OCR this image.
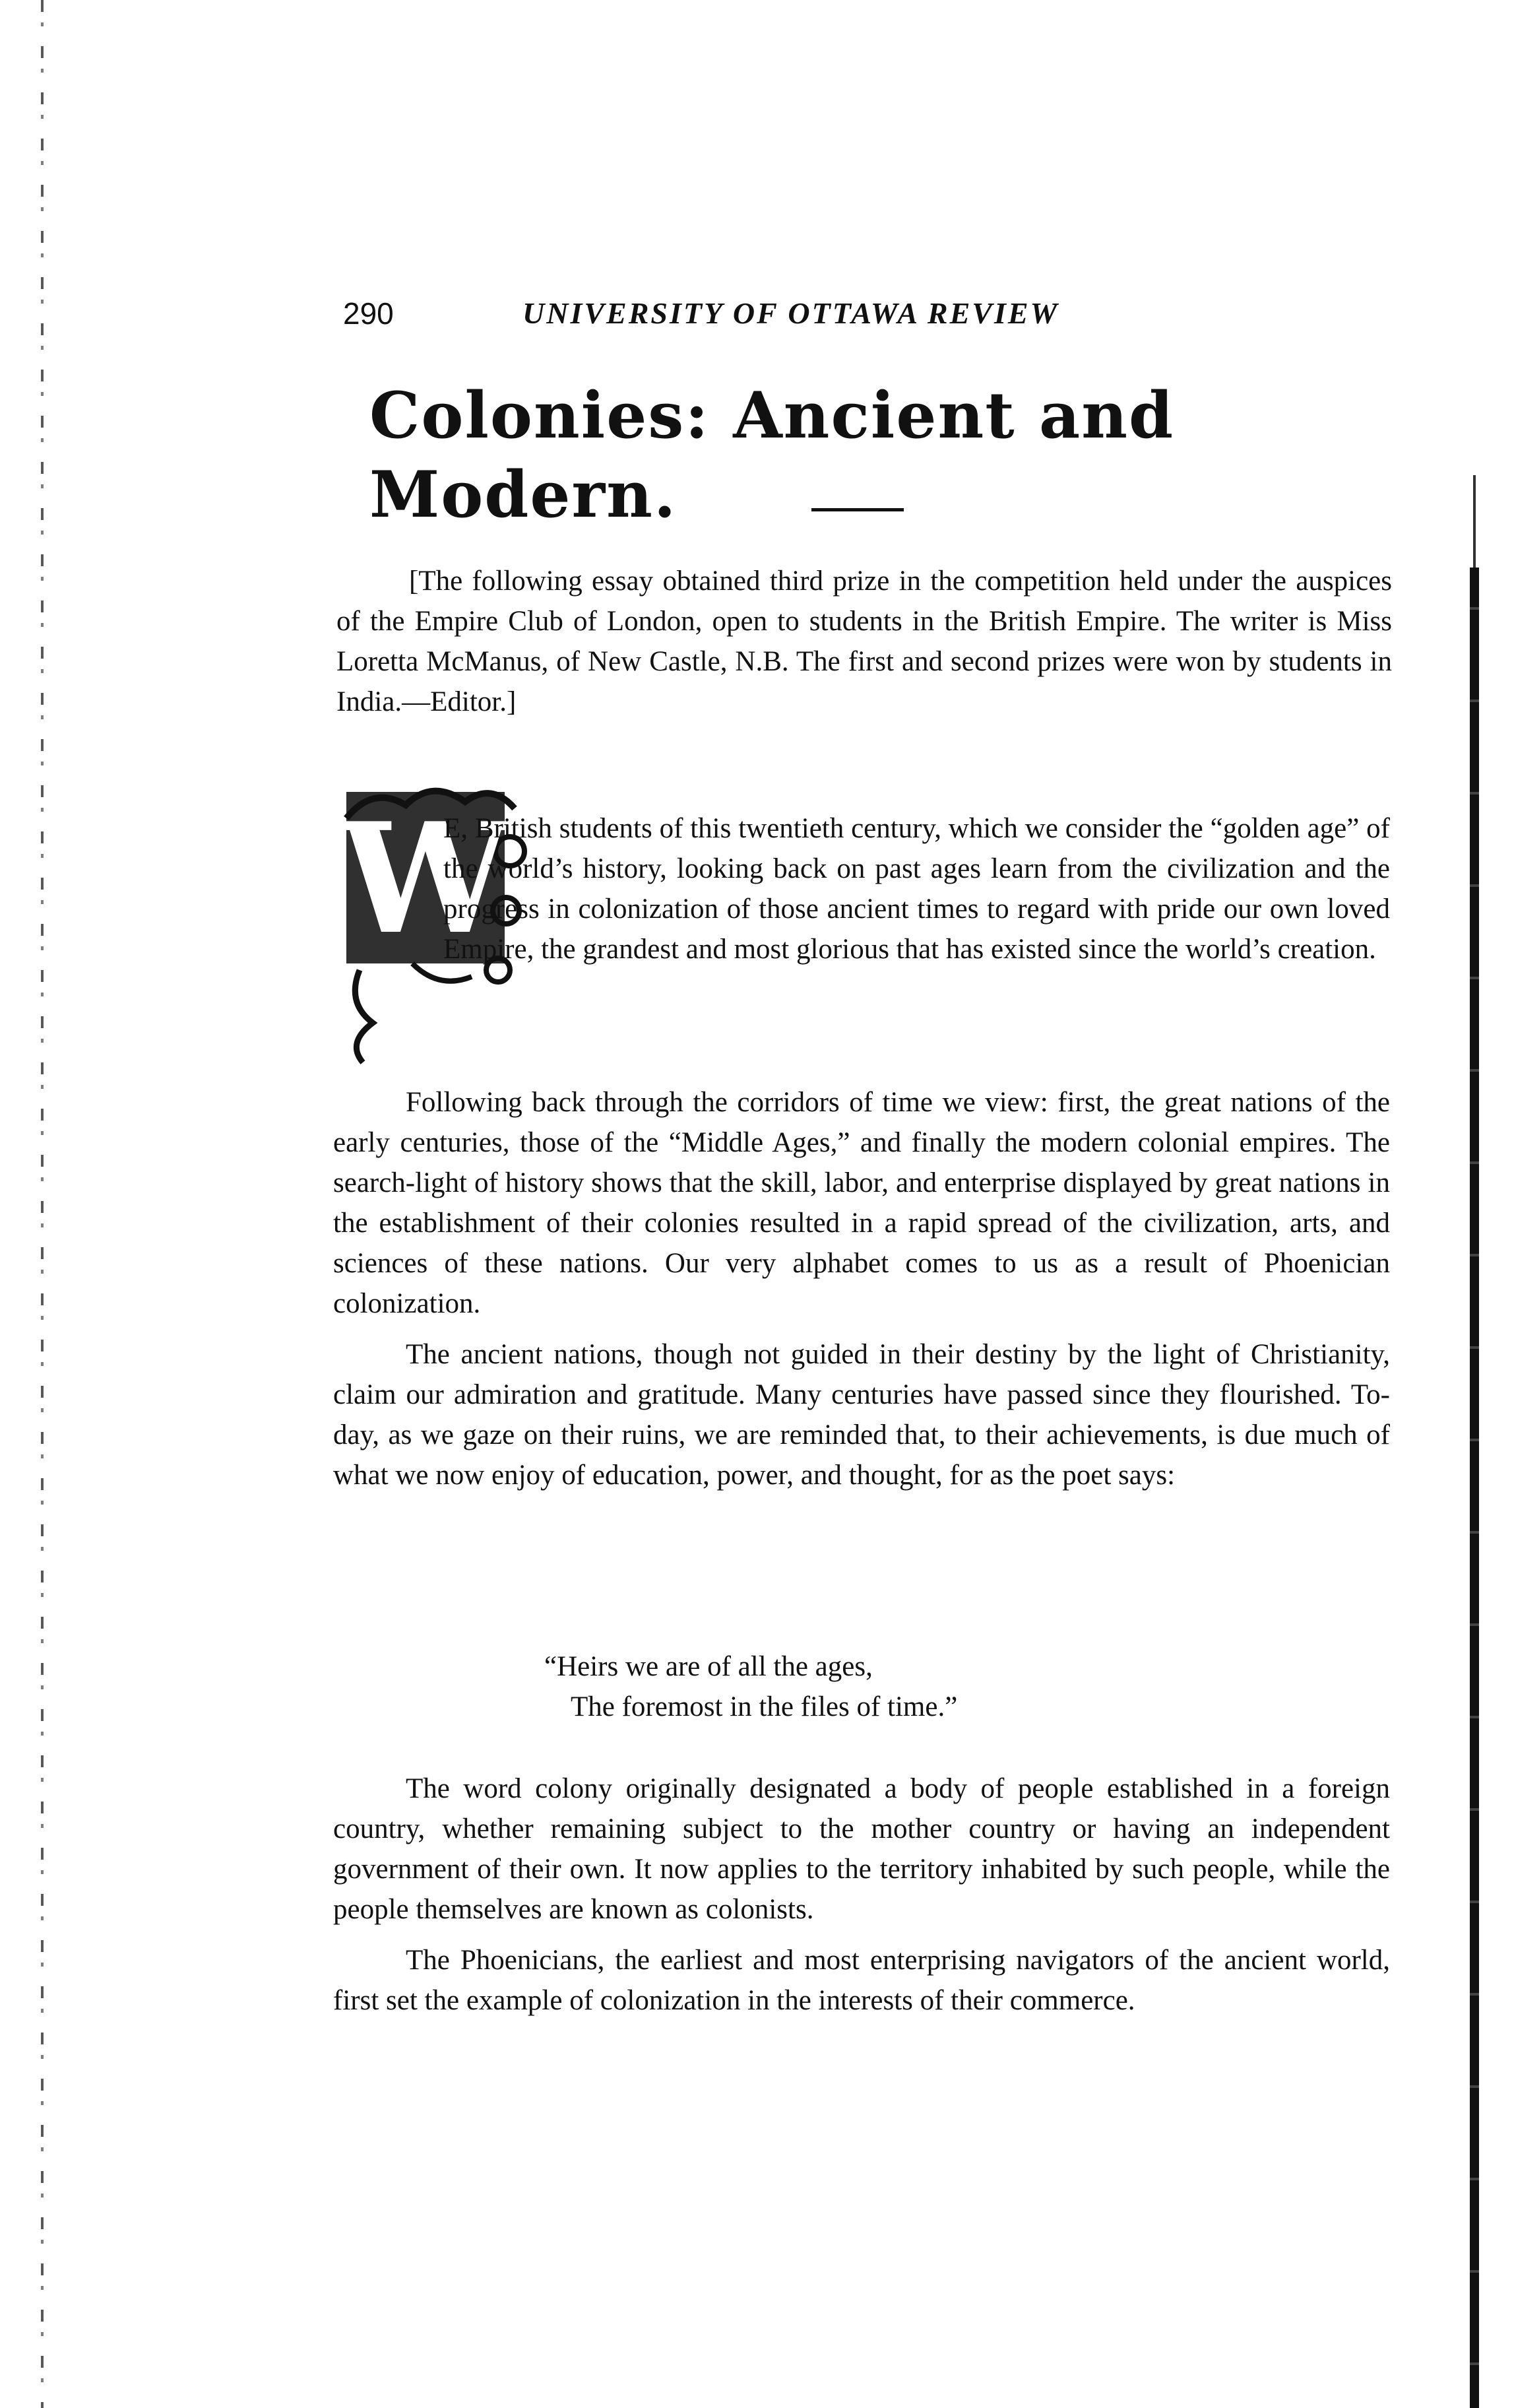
290	UNIVERSITY OF OTTAWA REVIEW
Colonies: Ancient and Modern.
[The following essay obtained third prize in the competition held under the auspices of the Empire Club of London, open to students in the British Empire. The writer is Miss Loretta McManus, of New Castle, N.B. The first and second prizes were won by students in India.—Editor.]
W
E, British students of this twentieth century, which we consider the “golden age” of the world’s history, looking back on past ages learn from the civilization and the progress in colonization of those ancient times to regard with pride our own loved Empire, the grandest and most glorious that has existed since the world’s creation.

Following back through the corridors of time we view: first, the great nations of the early centuries, those of the “Middle Ages,” and finally the modern colonial empires. The search-light of history shows that the skill, labor, and enterprise displayed by great nations in the establishment of their colonies resulted in a rapid spread of the civilization, arts, and sciences of these nations. Our very alphabet comes to us as a result of Phoenician colonization.

The ancient nations, though not guided in their destiny by the light of Christianity, claim our admiration and gratitude. Many centuries have passed since they flourished. To-day, as we gaze on their ruins, we are reminded that, to their achievements, is due much of what we now enjoy of education, power, and thought, for as the poet says:

“Heirs we are of all the ages,
The foremost in the files of time.”

The word colony originally designated a body of people established in a foreign country, whether remaining subject to the mother country or having an independent government of their own. It now applies to the territory inhabited by such people, while the people themselves are known as colonists.

The Phoenicians, the earliest and most enterprising navigators of the ancient world, first set the example of colonization in the interests of their commerce.
